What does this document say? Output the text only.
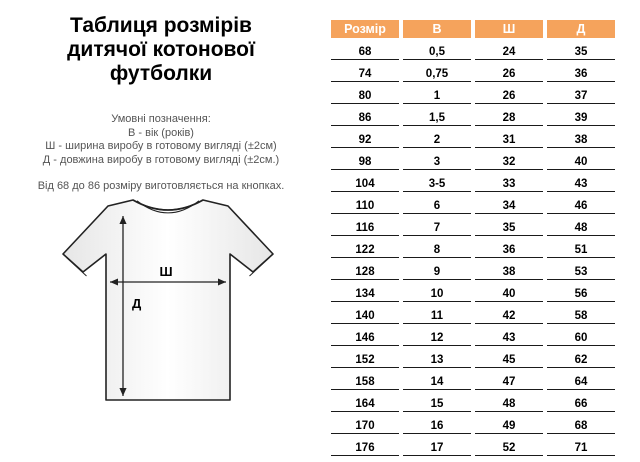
Таблиця розмірів
дитячої котонової
футболки
Умовні позначення:
В - вік (років)
Ш - ширина виробу в готовому вигляді (±2см)
Д - довжина виробу в готовому вигляді (±2см.)
Від 68 до 86 розміру виготовляється на кнопках.
Ш
Д
Розмір	В	Ш	Д
68	0,5	24	35
74	0,75	26	36
80	1	26	37
86	1,5	28	39
92	2	31	38
98	3	32	40
104	3-5	33	43
110	6	34	46
116	7	35	48
122	8	36	51
128	9	38	53
134	10	40	56
140	11	42	58
146	12	43	60
152	13	45	62
158	14	47	64
164	15	48	66
170	16	49	68
176	17	52	71
